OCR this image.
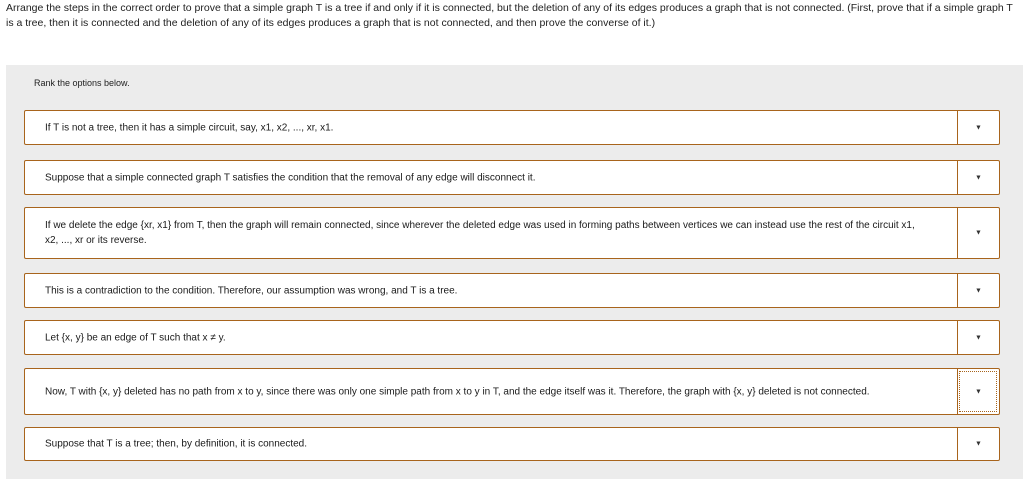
Arrange the steps in the correct order to prove that a simple graph T is a tree if and only if it is connected, but the deletion of any of its edges produces a graph that is not connected. (First, prove that if a simple graph T is a tree, then it is connected and the deletion of any of its edges produces a graph that is not connected, and then prove the converse of it.)
Rank the options below.
If T is not a tree, then it has a simple circuit, say, x1, x2, ..., xr, x1.	▼
Suppose that a simple connected graph T satisfies the condition that the removal of any edge will disconnect it.	▼
If we delete the edge {xr, x1} from T, then the graph will remain connected, since wherever the deleted edge was used in forming paths between vertices we can instead use the rest of the circuit x1, x2, ..., xr or its reverse.
▼
This is a contradiction to the condition. Therefore, our assumption was wrong, and T is a tree.	▼
Let {x, y} be an edge of T such that x ≠ y.	▼
Now, T with {x, y} deleted has no path from x to y, since there was only one simple path from x to y in T, and the edge itself was it. Therefore, the graph with {x, y} deleted is not connected.	▼
Suppose that T is a tree; then, by definition, it is connected.	▼
